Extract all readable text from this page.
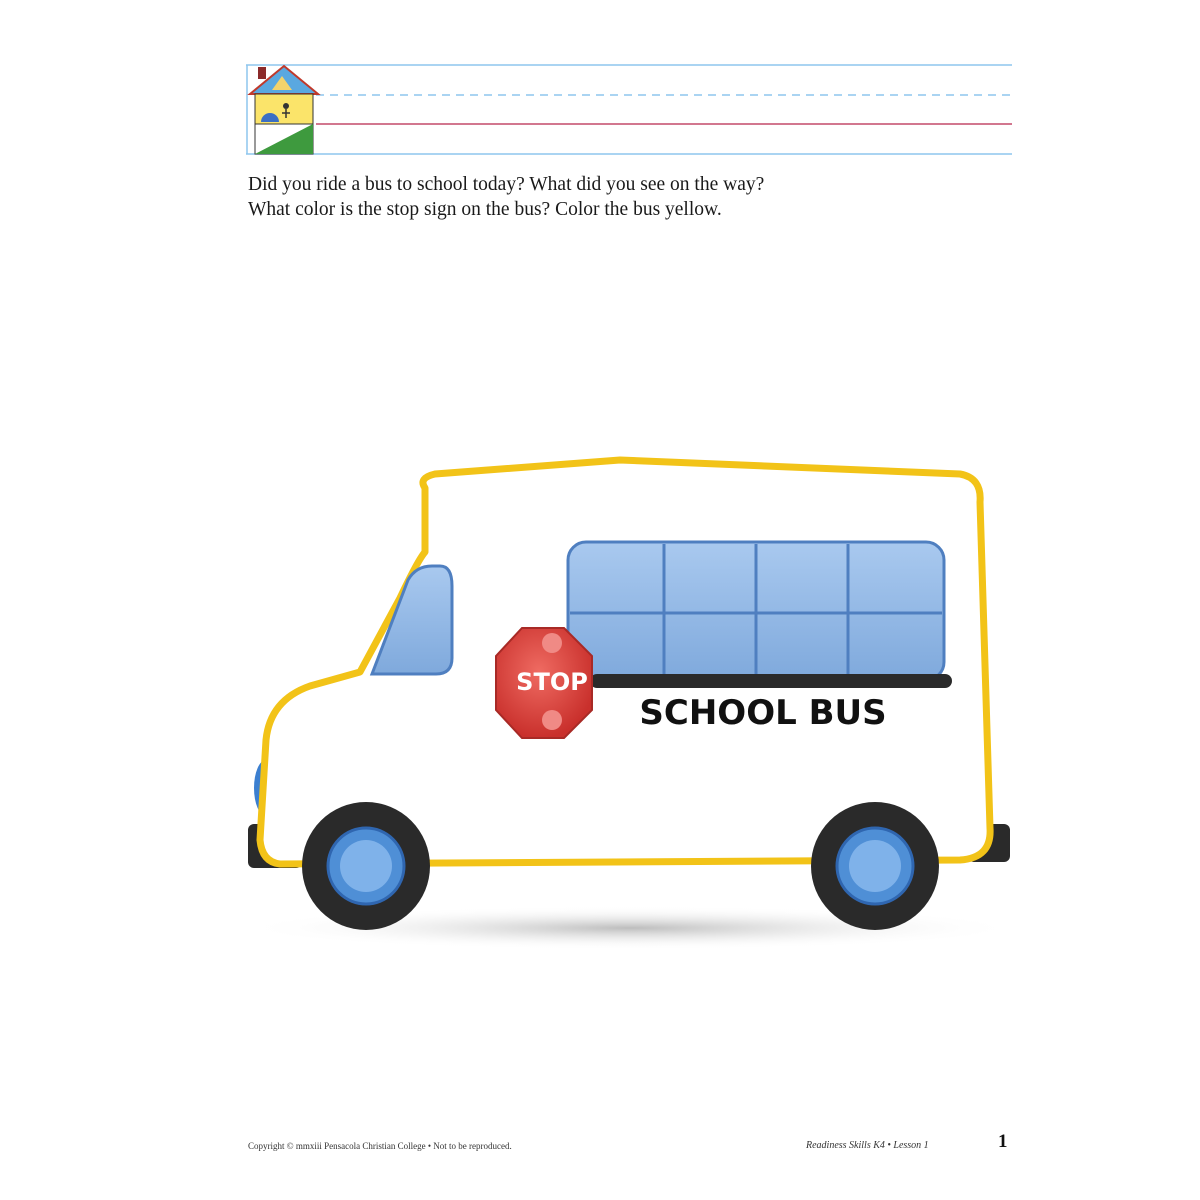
Did you ride a bus to school today? What did you see on the way?
What color is the stop sign on the bus? Color the bus yellow.
STOP
SCHOOL BUS
Copyright © mmxiii Pensacola Christian College • Not to be reproduced.	Readiness Skills K4 • Lesson 1	1
